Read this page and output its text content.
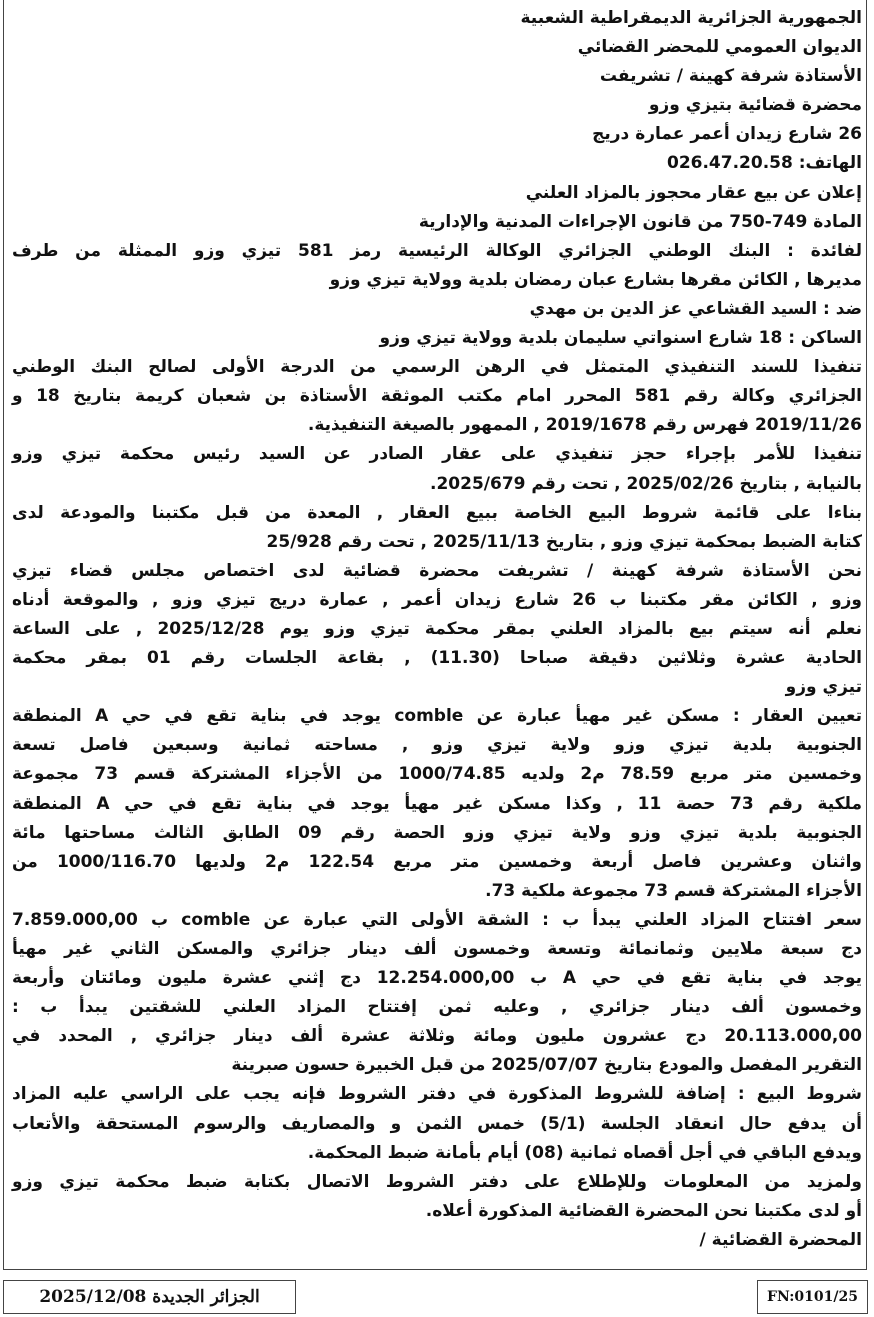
الجمهورية الجزائرية الديمقراطية الشعبية
الديوان العمومي للمحضر القضائي
الأستاذة شرفة كهينة / تشريفت
محضرة قضائية بتيزي وزو
26 شارع زيدان أعمر عمارة دريج
الهاتف: 026.47.20.58
إعلان عن بيع عقار محجوز بالمزاد العلني
المادة 749-750 من قانون الإجراءات المدنية والإدارية
لفائدة : البنك الوطني الجزائري الوكالة الرئيسية رمز 581 تيزي وزو الممثلة من طرف
مديرها , الكائن مقرها بشارع عبان رمضان بلدية وولاية تيزي وزو
ضد : السيد القشاعي عز الدين بن مهدي
الساكن : 18 شارع اسنواتي سليمان بلدية وولاية تيزي وزو
تنفيذا للسند التنفيذي المتمثل في الرهن الرسمي من الدرجة الأولى لصالح البنك الوطني
الجزائري وكالة رقم 581 المحرر امام مكتب الموثقة الأستاذة بن شعبان كريمة بتاريخ 18 و
2019/11/26 فهرس رقم 2019/1678 , الممهور بالصيغة التنفيذية.
تنفيذا للأمر بإجراء حجز تنفيذي على عقار الصادر عن السيد رئيس محكمة تيزي وزو
بالنيابة , بتاريخ 2025/02/26 , تحت رقم 2025/679.
بناءا على قائمة شروط البيع الخاصة ببيع العقار , المعدة من قبل مكتبنا والمودعة لدى
كتابة الضبط بمحكمة تيزي وزو , بتاريخ 2025/11/13 , تحت رقم 25/928
نحن الأستاذة شرفة كهينة / تشريفت محضرة قضائية لدى اختصاص مجلس قضاء تيزي
وزو , الكائن مقر مكتبنا ب 26 شارع زيدان أعمر , عمارة دريج تيزي وزو , والموقعة أدناه
نعلم أنه سيتم بيع بالمزاد العلني بمقر محكمة تيزي وزو يوم 2025/12/28 , على الساعة
الحادية عشرة وثلاثين دقيقة صباحا (11.30) , بقاعة الجلسات رقم 01 بمقر محكمة
تيزي وزو
تعيين العقار : مسكن غير مهيأ عبارة عن comble يوجد في بناية تقع في حي A المنطقة
الجنوبية بلدية تيزي وزو ولاية تيزي وزو , مساحته ثمانية وسبعين فاصل تسعة
وخمسين متر مربع 78.59 م2 ولديه 1000/74.85 من الأجزاء المشتركة قسم 73 مجموعة
ملكية رقم 73 حصة 11 , وكذا مسكن غير مهيأ يوجد في بناية تقع في حي A المنطقة
الجنوبية بلدية تيزي وزو ولاية تيزي وزو الحصة رقم 09 الطابق الثالث مساحتها مائة
واثنان وعشرين فاصل أربعة وخمسين متر مربع 122.54 م2 ولديها 1000/116.70 من
الأجزاء المشتركة قسم 73 مجموعة ملكية 73.
سعر افتتاح المزاد العلني يبدأ ب : الشقة الأولى التي عبارة عن comble ب 7.859.000,00
دج سبعة ملايين وثمانمائة وتسعة وخمسون ألف دينار جزائري والمسكن الثاني غير مهيأ
يوجد في بناية تقع في حي A ب 12.254.000,00 دج إثني عشرة مليون ومائتان وأربعة
وخمسون ألف دينار جزائري , وعليه ثمن إفتتاح المزاد العلني للشقتين يبدأ ب :
20.113.000,00 دج عشرون مليون ومائة وثلاثة عشرة ألف دينار جزائري , المحدد في
التقرير المفصل والمودع بتاريخ 2025/07/07 من قبل الخبيرة حسون صبرينة
شروط البيع : إضافة للشروط المذكورة في دفتر الشروط فإنه يجب على الراسي عليه المزاد
أن يدفع حال انعقاد الجلسة (5/1) خمس الثمن و والمصاريف والرسوم المستحقة والأتعاب
ويدفع الباقي في أجل أقصاه ثمانية (08) أيام بأمانة ضبط المحكمة.
ولمزيد من المعلومات وللإطلاع على دفتر الشروط الاتصال بكتابة ضبط محكمة تيزي وزو
أو لدى مكتبنا نحن المحضرة القضائية المذكورة أعلاه.
المحضرة القضائية /
الجزائر الجديدة 2025/12/08	FN:0101/25
